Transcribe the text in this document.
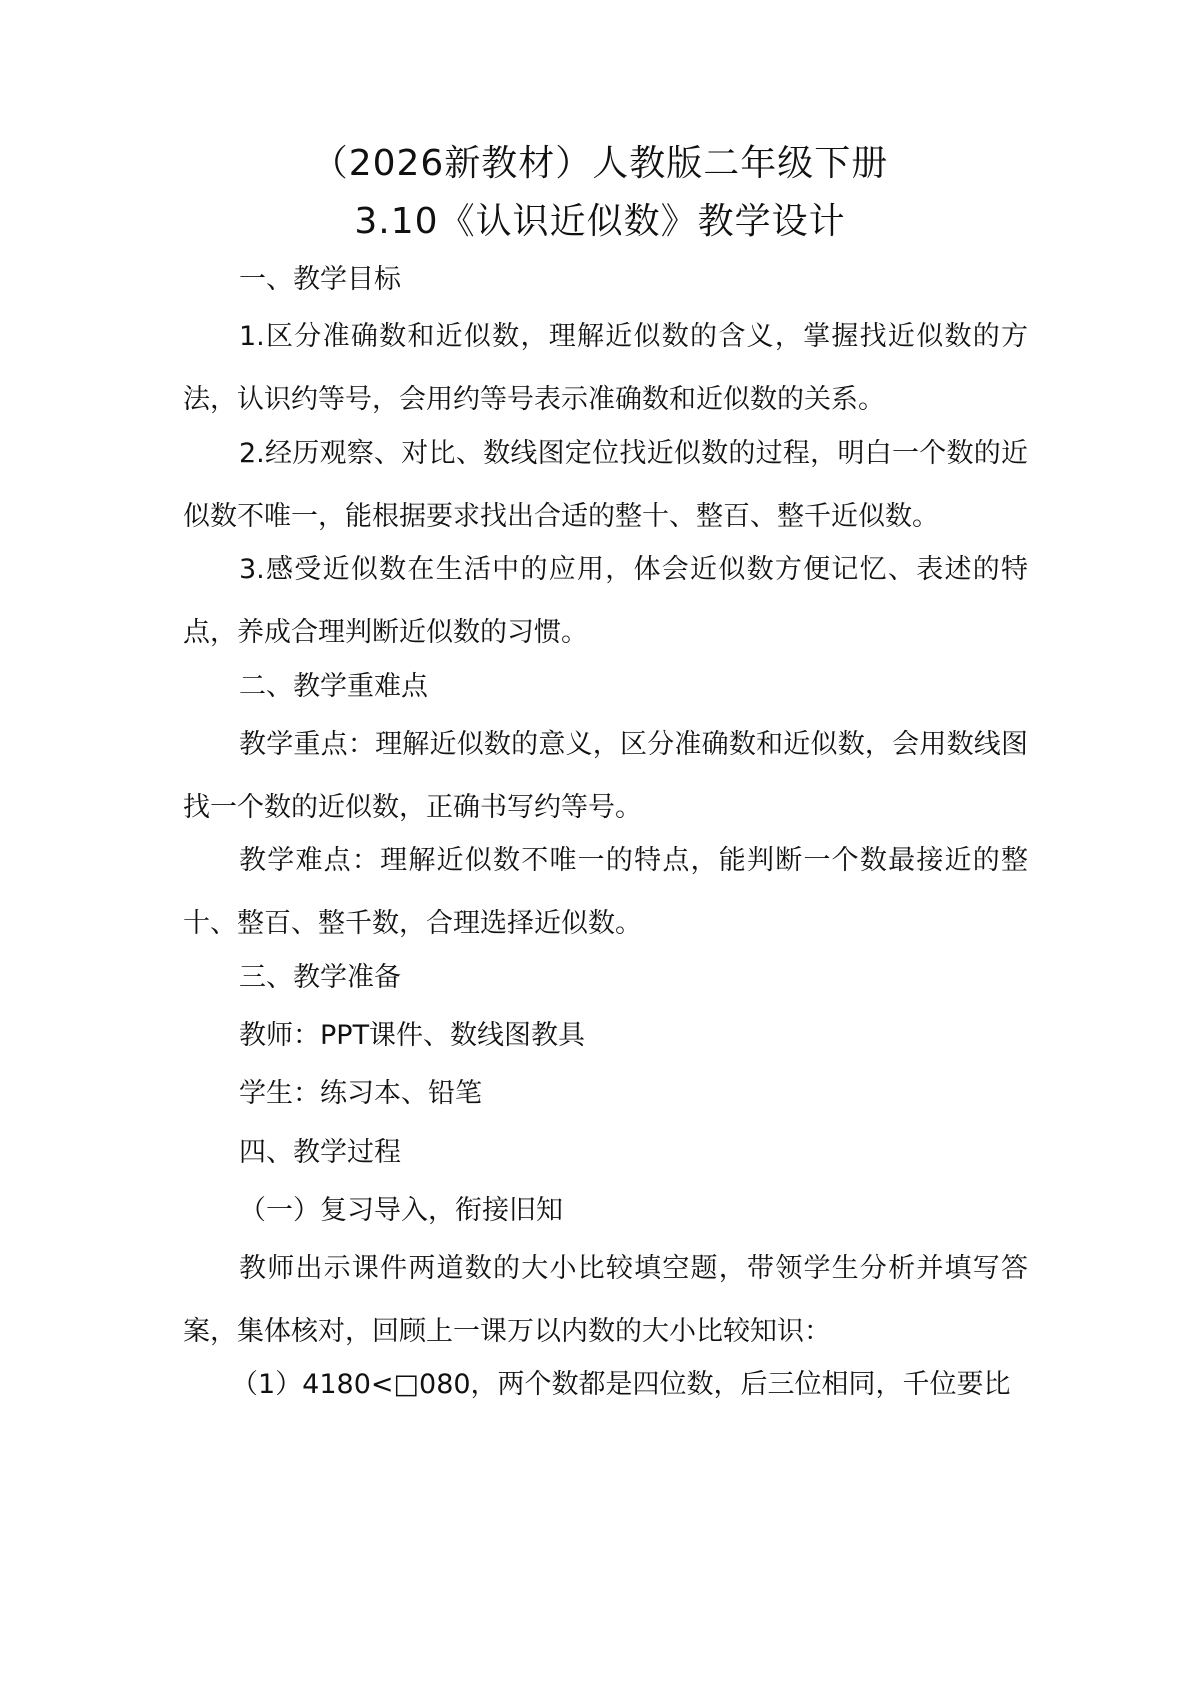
（2026新教材）人教版二年级下册
3.10《认识近似数》教学设计
一、教学目标

1.区分准确数和近似数，理解近似数的含义，掌握找近似数的方法，认识约等号，会用约等号表示准确数和近似数的关系。

2.经历观察、对比、数线图定位找近似数的过程，明白一个数的近似数不唯一，能根据要求找出合适的整十、整百、整千近似数。

3.感受近似数在生活中的应用，体会近似数方便记忆、表述的特点，养成合理判断近似数的习惯。

二、教学重难点

教学重点：理解近似数的意义，区分准确数和近似数，会用数线图找一个数的近似数，正确书写约等号。

教学难点：理解近似数不唯一的特点，能判断一个数最接近的整十、整百、整千数，合理选择近似数。

三、教学准备
教师：PPT课件、数线图教具
学生：练习本、铅笔
四、教学过程
（一）复习导入，衔接旧知

教师出示课件两道数的大小比较填空题，带领学生分析并填写答案，集体核对，回顾上一课万以内数的大小比较知识：

（1）4180<□080，两个数都是四位数，后三位相同，千位要比
